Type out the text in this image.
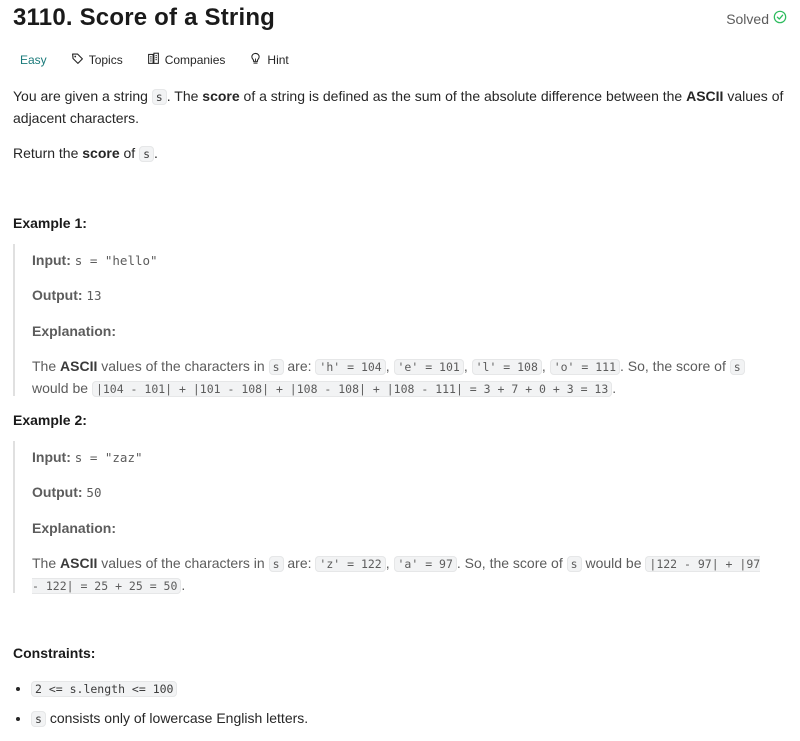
3110. Score of a String	Solved
Easy	Topics	Companies	Hint

You are given a string s . The score of a string is defined as the sum of the absolute difference between the ASCII values of adjacent characters.

Return the score of s .

Example 1:

Input: s = "hello"

Output: 13

Explanation:

The ASCII values of the characters in s are: 'h' = 104 , 'e' = 101 , 'l' = 108 , 'o' = 111 . So, the score of s would be |104 - 101| + |101 - 108| + |108 - 108| + |108 - 111| = 3 + 7 + 0 + 3 = 13 .

Example 2:

Input: s = "zaz"

Output: 50

Explanation:

The ASCII values of the characters in s are: 'z' = 122 , 'a' = 97 . So, the score of s would be |122 - 97| + |97 - 122| = 25 + 25 = 50 .

Constraints:
• 2 <= s.length <= 100
• s consists only of lowercase English letters.
